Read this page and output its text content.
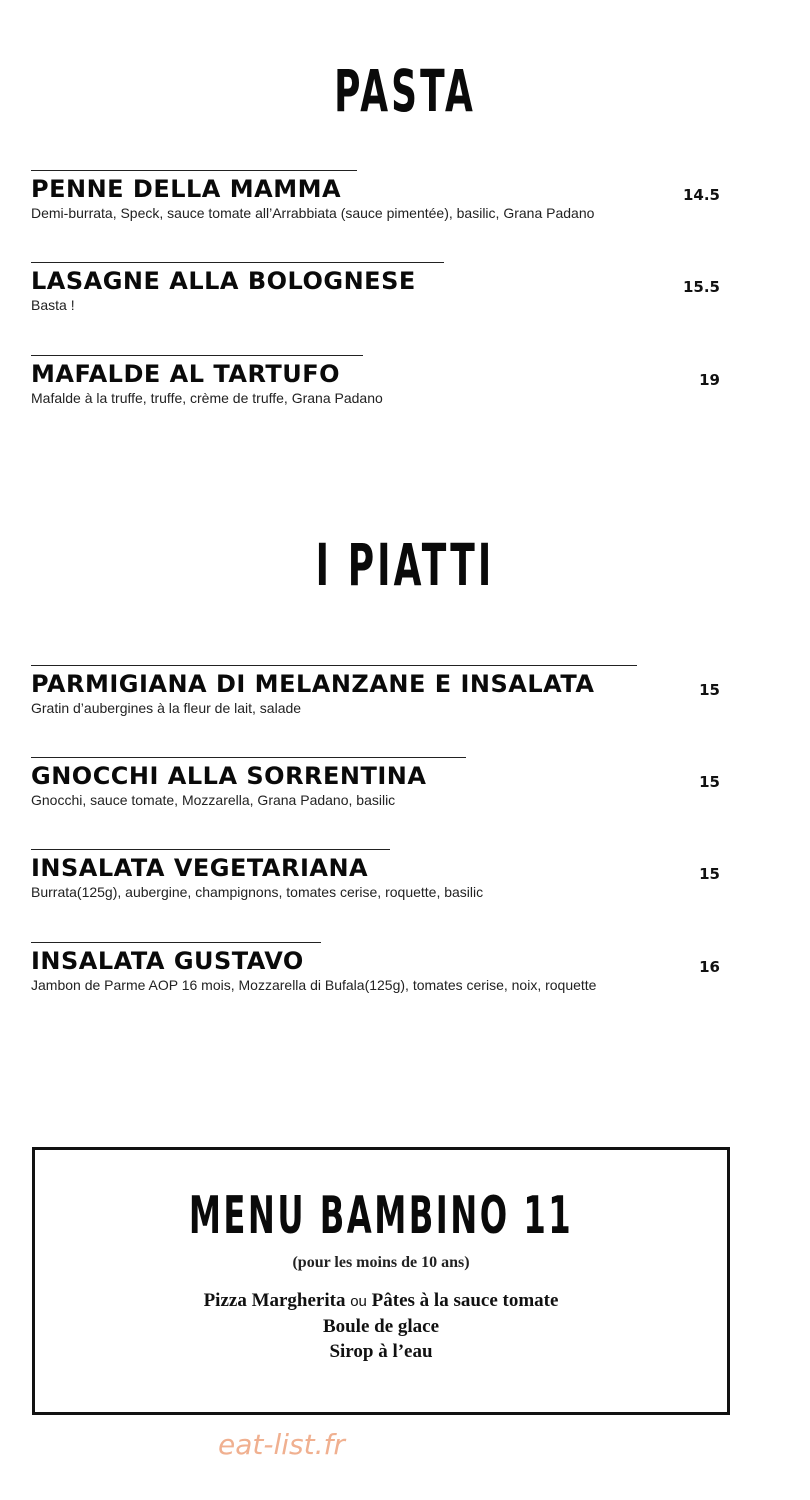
PASTA
PENNE DELLA MAMMA
Demi-burrata, Speck, sauce tomate all’Arrabbiata (sauce pimentée), basilic, Grana Padano
14.5
LASAGNE ALLA BOLOGNESE
Basta !
15.5
MAFALDE AL TARTUFO
Mafalde à la truffe, truffe, crème de truffe, Grana Padano
19
I PIATTI
PARMIGIANA DI MELANZANE E INSALATA
Gratin d’aubergines à la fleur de lait, salade
15
GNOCCHI ALLA SORRENTINA
Gnocchi, sauce tomate, Mozzarella, Grana Padano, basilic
15
INSALATA VEGETARIANA
Burrata(125g), aubergine, champignons, tomates cerise, roquette, basilic
15
INSALATA GUSTAVO
Jambon de Parme AOP 16 mois, Mozzarella di Bufala(125g), tomates cerise, noix, roquette
16
MENU BAMBINO 11
(pour les moins de 10 ans)
Pizza Margherita ou Pâtes à la sauce tomate
Boule de glace
Sirop à l’eau
eat-list.fr
